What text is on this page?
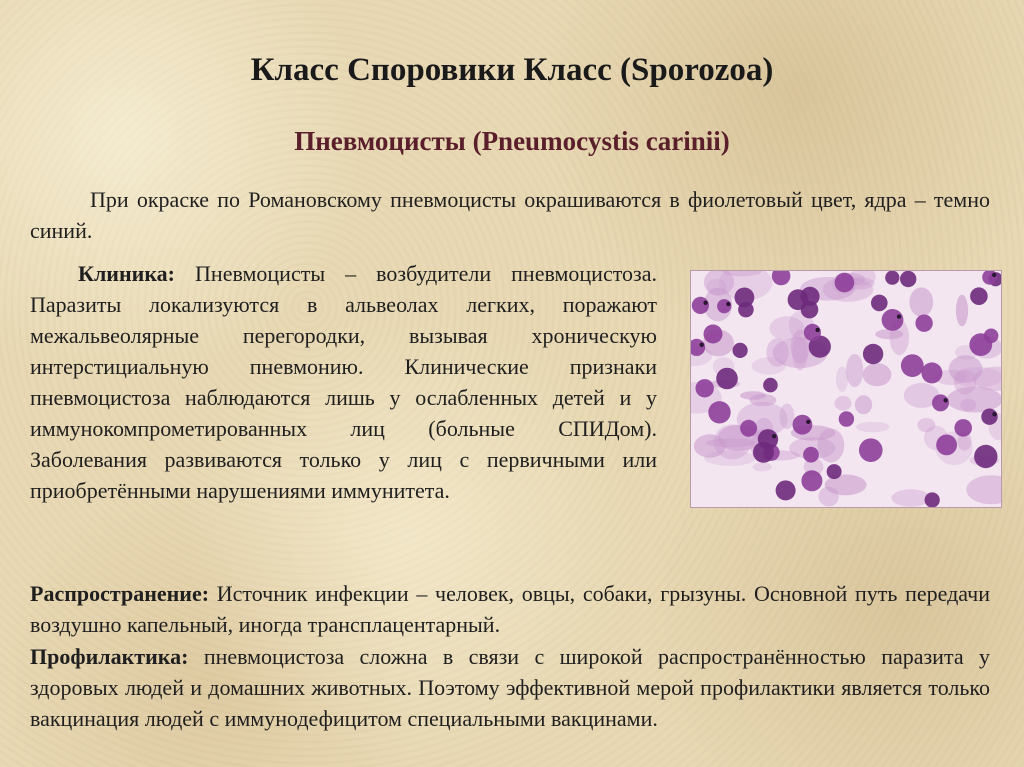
Класс Споровики Класс (Sporozoa)
Пневмоцисты (Pneumocystis carinii)
При окраске по Романовскому пневмоцисты окрашиваются в фиолетовый цвет, ядра – темно синий.
Клиника: Пневмоцисты – возбудители пневмоцистоза. Паразиты локализуются в альвеолах легких, поражают межальвеолярные перегородки, вызывая хроническую интерстициальную пневмонию. Клинические признаки пневмоцистоза наблюдаются лишь у ослабленных детей и у иммунокомпрометированных лиц (больные СПИДом). Заболевания развиваются только у лиц с первичными или приобретёнными нарушениями иммунитета.
Распространение: Источник инфекции – человек, овцы, собаки, грызуны. Основной путь передачи воздушно капельный, иногда трансплацентарный.
Профилактика: пневмоцистоза сложна в связи с широкой распространённостью паразита у здоровых людей и домашних животных. Поэтому эффективной мерой профилактики является только вакцинация людей с иммунодефицитом специальными вакцинами.
